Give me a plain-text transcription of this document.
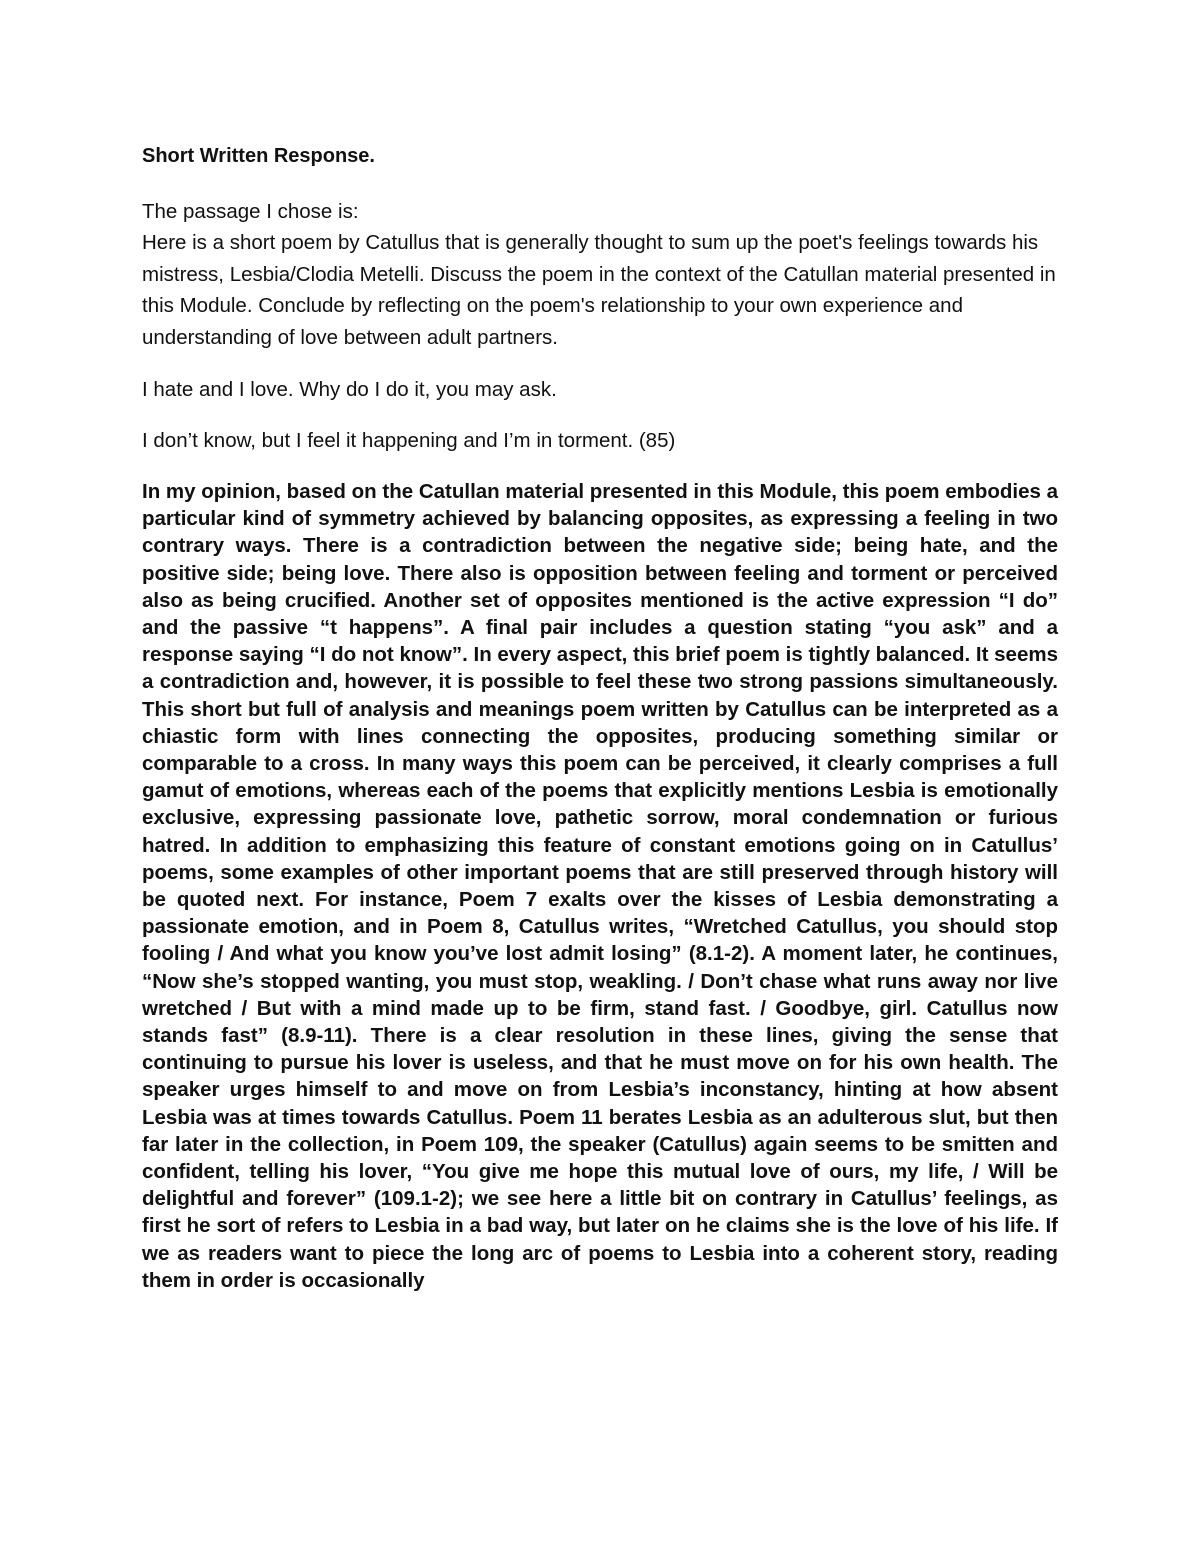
Short Written Response.

The passage I chose is:

Here is a short poem by Catullus that is generally thought to sum up the poet's feelings towards his mistress, Lesbia/Clodia Metelli. Discuss the poem in the context of the Catullan material presented in this Module. Conclude by reflecting on the poem's relationship to your own experience and understanding of love between adult partners.

I hate and I love. Why do I do it, you may ask.

I don’t know, but I feel it happening and I’m in torment. (85)

In my opinion, based on the Catullan material presented in this Module, this poem embodies a particular kind of symmetry achieved by balancing opposites, as expressing a feeling in two contrary ways. There is a contradiction between the negative side; being hate, and the positive side; being love. There also is opposition between feeling and torment or perceived also as being crucified. Another set of opposites mentioned is the active expression “I do” and the passive “t happens”. A final pair includes a question stating “you ask” and a response saying “I do not know”. In every aspect, this brief poem is tightly balanced. It seems a contradiction and, however, it is possible to feel these two strong passions simultaneously. This short but full of analysis and meanings poem written by Catullus can be interpreted as a chiastic form with lines connecting the opposites, producing something similar or comparable to a cross. In many ways this poem can be perceived, it clearly comprises a full gamut of emotions, whereas each of the poems that explicitly mentions Lesbia is emotionally exclusive, expressing passionate love, pathetic sorrow, moral condemnation or furious hatred. In addition to emphasizing this feature of constant emotions going on in Catullus’ poems, some examples of other important poems that are still preserved through history will be quoted next. For instance, Poem 7 exalts over the kisses of Lesbia demonstrating a passionate emotion, and in Poem 8, Catullus writes, “Wretched Catullus, you should stop fooling / And what you know you’ve lost admit losing” (8.1-2). A moment later, he continues, “Now she’s stopped wanting, you must stop, weakling. / Don’t chase what runs away nor live wretched / But with a mind made up to be firm, stand fast. / Goodbye, girl. Catullus now stands fast” (8.9-11). There is a clear resolution in these lines, giving the sense that continuing to pursue his lover is useless, and that he must move on for his own health. The speaker urges himself to and move on from Lesbia’s inconstancy, hinting at how absent Lesbia was at times towards Catullus. Poem 11 berates Lesbia as an adulterous slut, but then far later in the collection, in Poem 109, the speaker (Catullus) again seems to be smitten and confident, telling his lover, “You give me hope this mutual love of ours, my life, / Will be delightful and forever” (109.1-2); we see here a little bit on contrary in Catullus’ feelings, as first he sort of refers to Lesbia in a bad way, but later on he claims she is the love of his life. If we as readers want to piece the long arc of poems to Lesbia into a coherent story, reading them in order is occasionally
